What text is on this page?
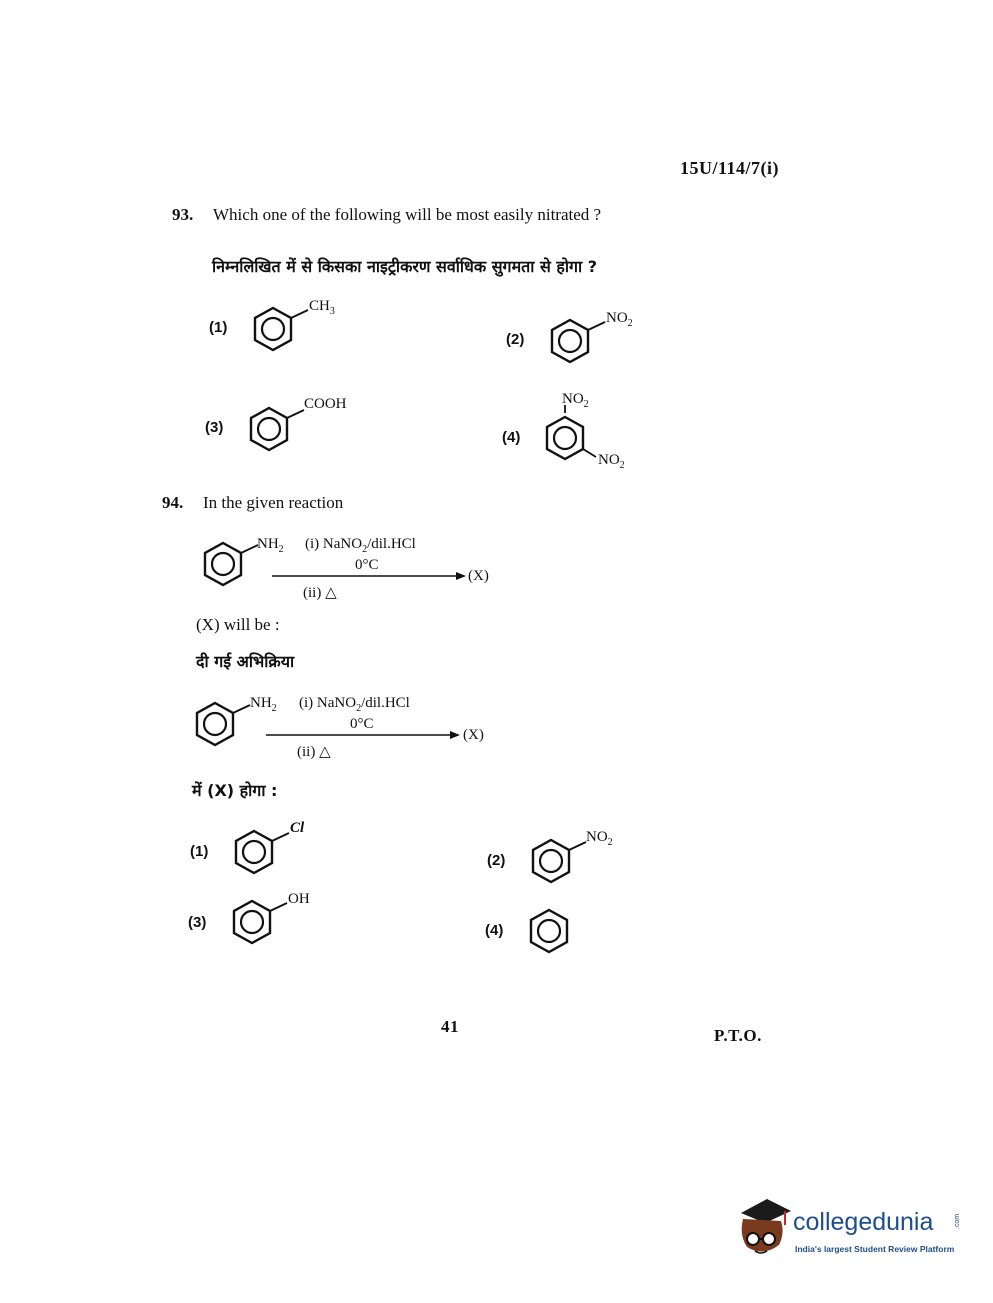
15U/114/7(i)
93. Which one of the following will be most easily nitrated ?
निम्नलिखित में से किसका नाइट्रीकरण सर्वाधिक सुगमता से होगा ?
(1)
$CH_3$
(2)
$NO_2$
(3)
COOH
(4)
$NO_2$
$NO_2$
94. In the given reaction
$NH_2$ (i) NaNO$_2$/dil.HCl
0°C
(X)
(ii) △
(X) will be :
दी गई अभिक्रिया
$NH_2$ (i) NaNO$_2$/dil.HCl
0°C
(X)
(ii) △
में (X) होगा :
(1)
Cl
(2)
$NO_2$
(3)
OH
(4)
41	P.T.O.
collegedunia	.com
India's largest Student Review Platform
